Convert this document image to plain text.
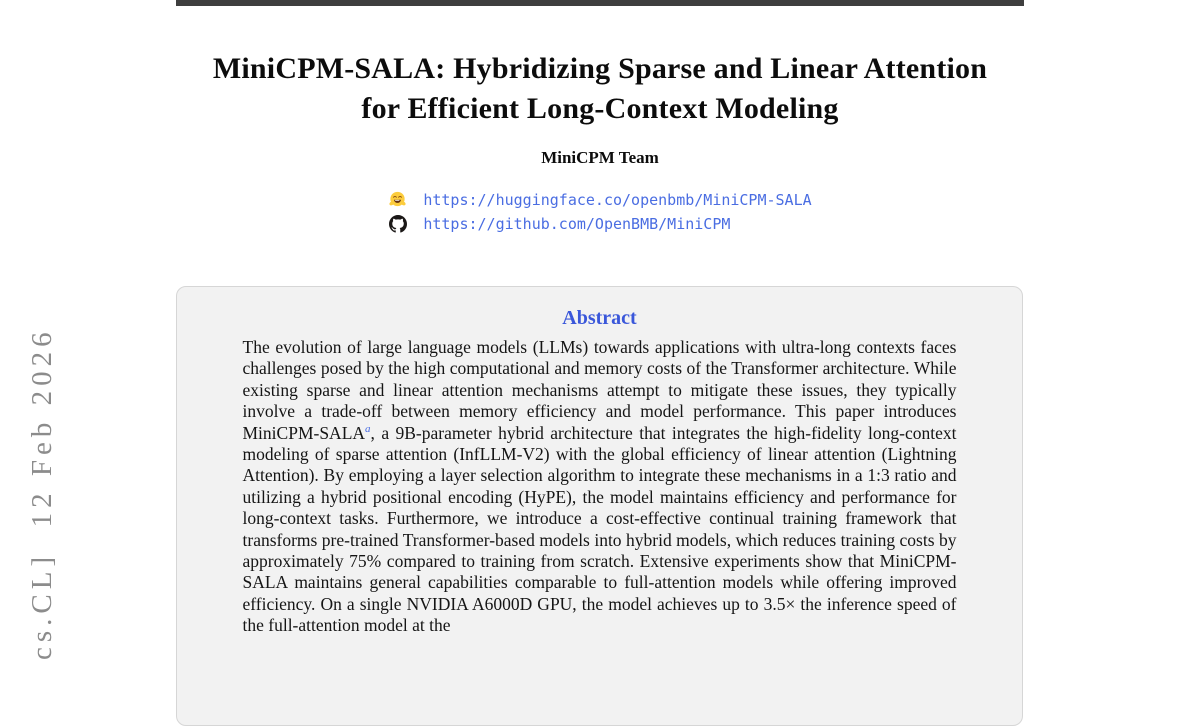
MiniCPM-SALA: Hybridizing Sparse and Linear Attention
for Efficient Long-Context Modeling
MiniCPM Team
https://huggingface.co/openbmb/MiniCPM-SALA
https://github.com/OpenBMB/MiniCPM
Abstract
The evolution of large language models (LLMs) towards applications with ultra-long contexts faces challenges posed by the high computational and memory costs of the Transformer architecture. While existing sparse and linear attention mechanisms attempt to mitigate these issues, they typically involve a trade-off between memory efficiency and model performance. This paper introduces MiniCPM-SALA$^a$, a 9B-parameter hybrid architecture that integrates the high-fidelity long-context modeling of sparse attention (InfLLM-V2) with the global efficiency of linear attention (Lightning Attention). By employing a layer selection algorithm to integrate these mechanisms in a 1:3 ratio and utilizing a hybrid positional encoding (HyPE), the model maintains efficiency and performance for long-context tasks. Furthermore, we introduce a cost-effective continual training framework that transforms pre-trained Transformer-based models into hybrid models, which reduces training costs by approximately 75% compared to training from scratch. Extensive experiments show that MiniCPM-SALA maintains general capabilities comparable to full-attention models while offering improved efficiency. On a single NVIDIA A6000D GPU, the model achieves up to 3.5× the inference speed of the full-attention model at the
cs.CL]  12 Feb 2026
